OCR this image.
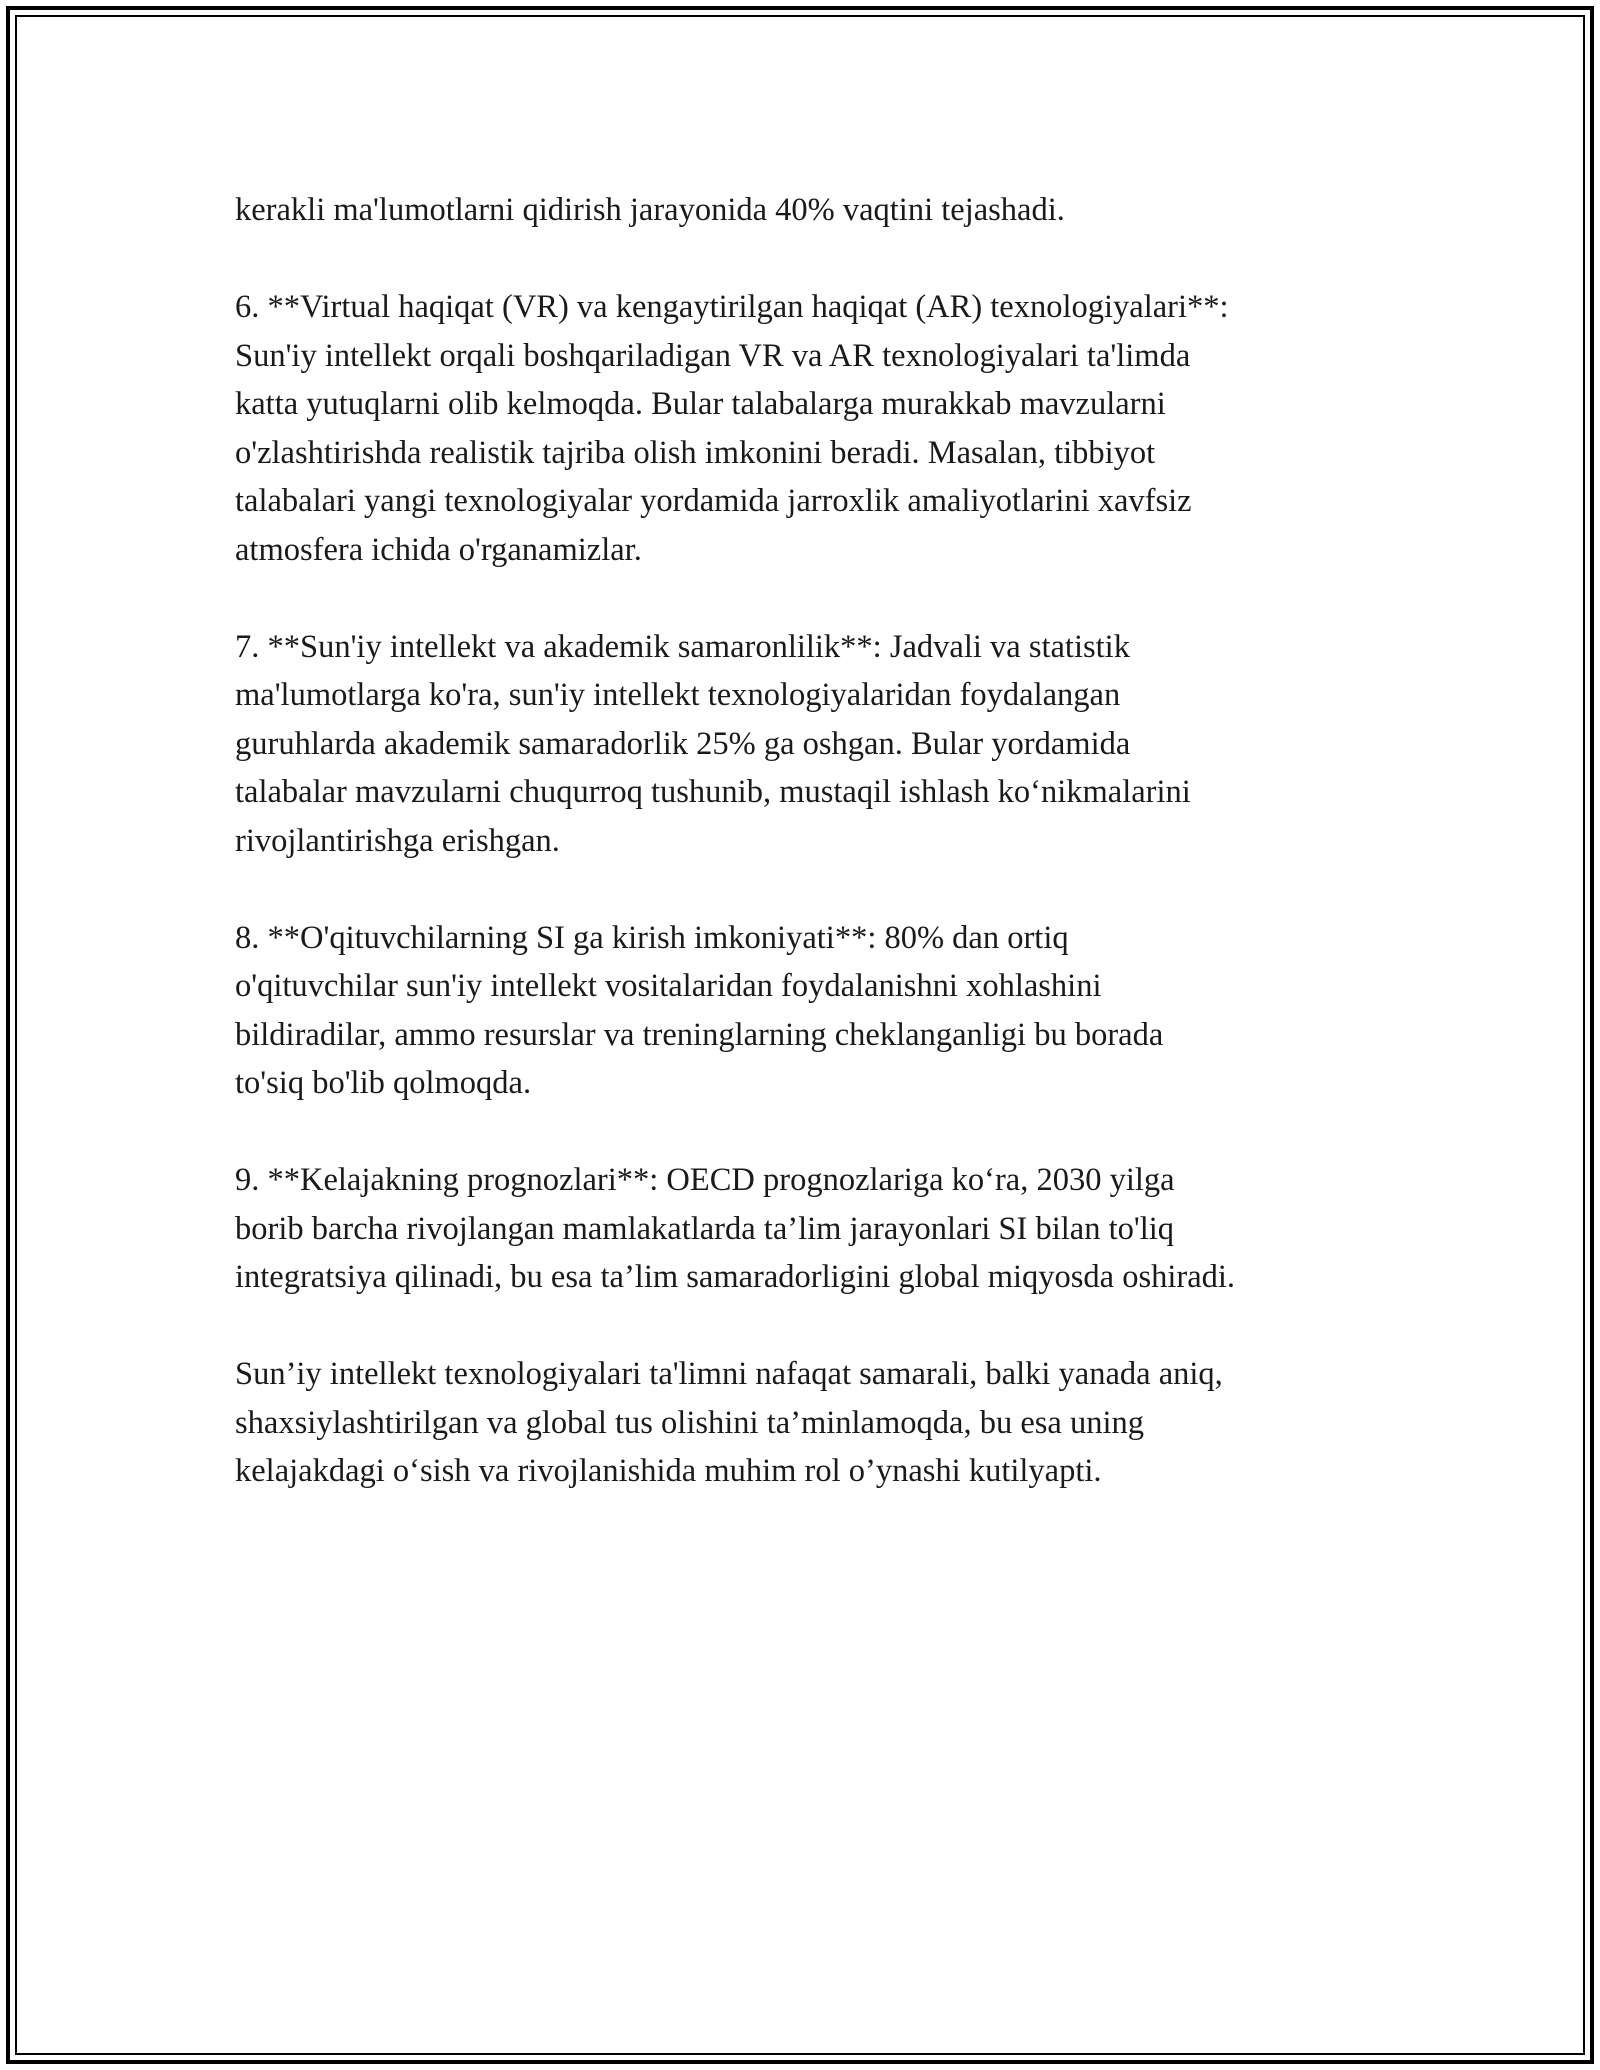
kerakli ma'lumotlarni qidirish jarayonida 40% vaqtini tejashadi.

6. **Virtual haqiqat (VR) va kengaytirilgan haqiqat (AR) texnologiyalari**:
Sun'iy intellekt orqali boshqariladigan VR va AR texnologiyalari ta'limda
katta yutuqlarni olib kelmoqda. Bular talabalarga murakkab mavzularni
o'zlashtirishda realistik tajriba olish imkonini beradi. Masalan, tibbiyot
talabalari yangi texnologiyalar yordamida jarroxlik amaliyotlarini xavfsiz
atmosfera ichida o'rganamizlar.

7. **Sun'iy intellekt va akademik samaronlilik**: Jadvali va statistik
ma'lumotlarga ko'ra, sun'iy intellekt texnologiyalaridan foydalangan
guruhlarda akademik samaradorlik 25% ga oshgan. Bular yordamida
talabalar mavzularni chuqurroq tushunib, mustaqil ishlash ko‘nikmalarini
rivojlantirishga erishgan.

8. **O'qituvchilarning SI ga kirish imkoniyati**: 80% dan ortiq
o'qituvchilar sun'iy intellekt vositalaridan foydalanishni xohlashini
bildiradilar, ammo resurslar va treninglarning cheklanganligi bu borada
to'siq bo'lib qolmoqda.

9. **Kelajakning prognozlari**: OECD prognozlariga ko‘ra, 2030 yilga
borib barcha rivojlangan mamlakatlarda ta’lim jarayonlari SI bilan to'liq
integratsiya qilinadi, bu esa ta’lim samaradorligini global miqyosda oshiradi.

Sun’iy intellekt texnologiyalari ta'limni nafaqat samarali, balki yanada aniq,
shaxsiylashtirilgan va global tus olishini ta’minlamoqda, bu esa uning
kelajakdagi o‘sish va rivojlanishida muhim rol o’ynashi kutilyapti.
